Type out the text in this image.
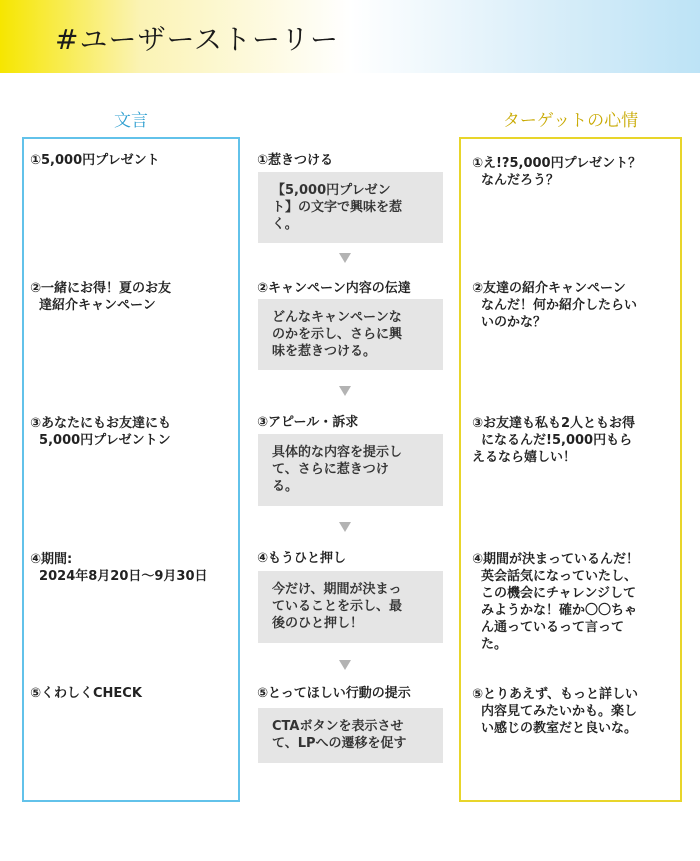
#ユーザーストーリー
文言	ターゲットの心情
①5,000円プレゼント
②一緒にお得！夏のお友
達紹介キャンペーン
③あなたにもお友達にも
5,000円プレゼントン
④期間:
2024年8月20日〜9月30日
⑤くわしくCHECK
①惹きつける
【5,000円プレゼン
ト】の文字で興味を惹
く。
②キャンペーン内容の伝達
どんなキャンペーンな
のかを示し、さらに興
味を惹きつける。
③アピール・訴求
具体的な内容を提示し
て、さらに惹きつけ
る。
④もうひと押し
今だけ、期間が決まっ
ていることを示し、最
後のひと押し！
⑤とってほしい行動の提示
CTAボタンを表示させ
て、LPへの遷移を促す
①え!?5,000円プレゼント？
なんだろう？
②友達の紹介キャンペーン
なんだ！何か紹介したらい
いのかな？
③お友達も私も2人ともお得
になるんだ!5,000円もら
えるなら嬉しい！
④期間が決まっているんだ！
英会話気になっていたし、
この機会にチャレンジして
みようかな！確か〇〇ちゃ
ん通っているって言って
た。
⑤とりあえず、もっと詳しい
内容見てみたいかも。楽し
い感じの教室だと良いな。
